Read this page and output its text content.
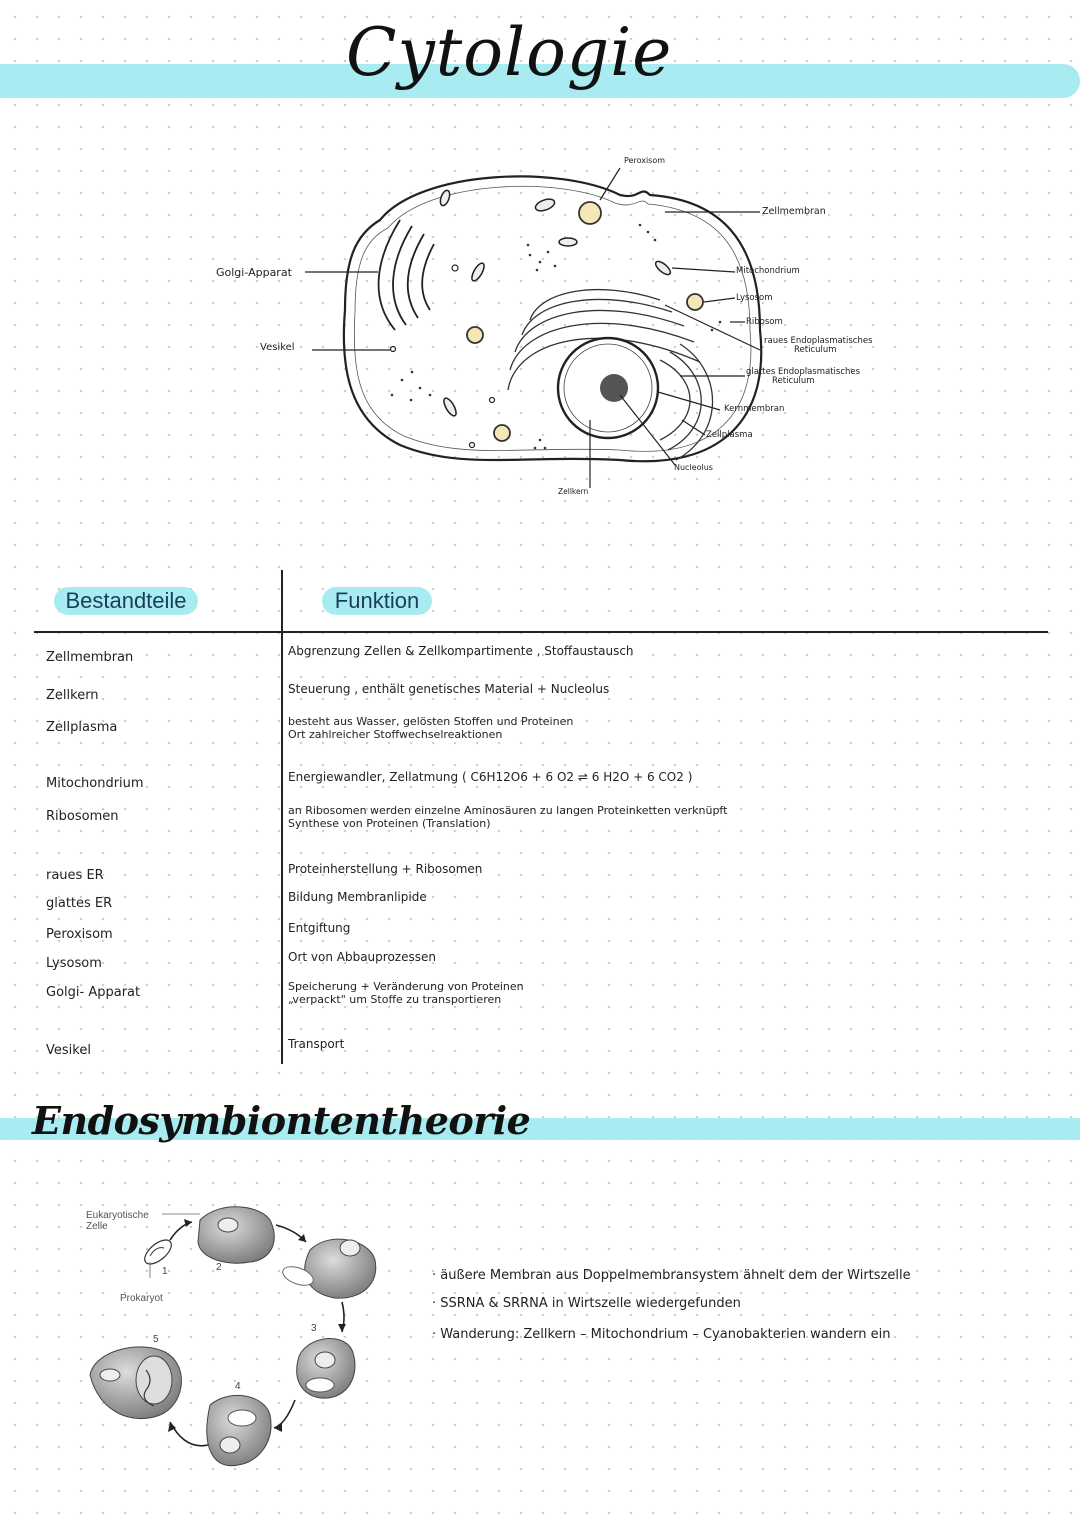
Cytologie
Peroxisom
Zellmembran
Golgi-Apparat	Mitochondrium
Lysosom
Ribosom
Vesikel
raues Endoplasmatisches
Reticulum
glattes Endoplasmatisches
Reticulum
Kernmembran
Zellplasma
Nucleolus
Zellkern
Bestandteile	Funktion
Zellmembran	Abgrenzung Zellen & Zellkompartimente , Stoffaustausch
Zellkern	Steuerung , enthält genetisches Material + Nucleolus
Zellplasma	besteht aus Wasser, gelösten Stoffen und Proteinen
Ort zahlreicher Stoffwechselreaktionen
Mitochondrium	Energiewandler, Zellatmung ( C6H12O6 + 6 O2 ⇌ 6 H2O + 6 CO2 )
Ribosomen	an Ribosomen werden einzelne Aminosäuren zu langen Proteinketten verknüpft
Synthese von Proteinen (Translation)
raues ER	Proteinherstellung + Ribosomen
glattes ER	Bildung Membranlipide
Peroxisom	Entgiftung
Lysosom	Ort von Abbauprozessen
Golgi- Apparat	Speicherung + Veränderung von Proteinen
„verpackt" um Stoffe zu transportieren
Vesikel	Transport
Endosymbiontentheorie
Eukaryotische
Zelle
Prokaryot
1	2
3
4
5
· äußere Membran aus Doppelmembransystem ähnelt dem der Wirtszelle
· SSRNA & SRRNA in Wirtszelle wiedergefunden
· Wanderung: Zellkern – Mitochondrium – Cyanobakterien wandern ein
